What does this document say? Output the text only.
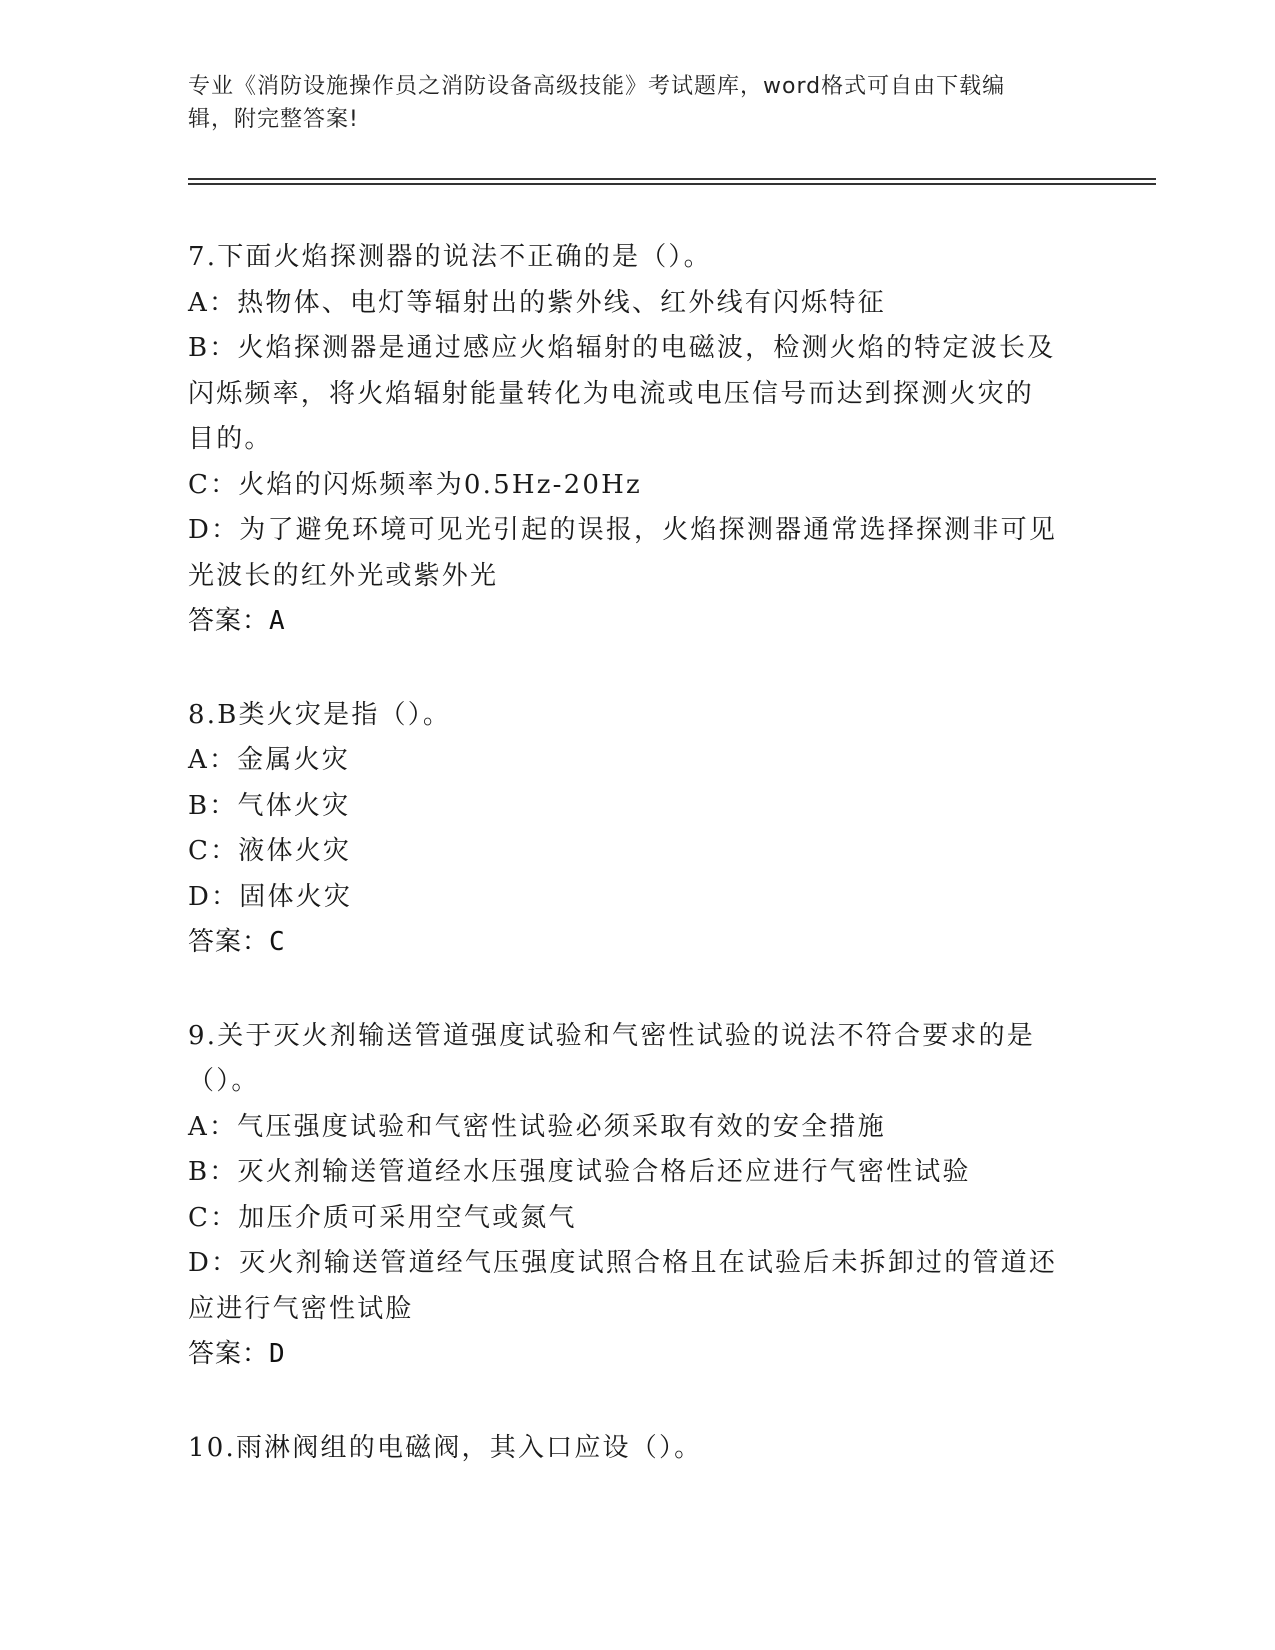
专业《消防设施操作员之消防设备高级技能》考试题库，word格式可自由下载编
辑，附完整答案!
7.下面火焰探测器的说法不正确的是（）。
A：热物体、电灯等辐射出的紫外线、红外线有闪烁特征
B：火焰探测器是通过感应火焰辐射的电磁波，检测火焰的特定波长及
闪烁频率，将火焰辐射能量转化为电流或电压信号而达到探测火灾的
目的。
C：火焰的闪烁频率为0.5Hz-20Hz
D：为了避免环境可见光引起的误报，火焰探测器通常选择探测非可见
光波长的红外光或紫外光
答案：A
8.B类火灾是指（）。
A：金属火灾
B：气体火灾
C：液体火灾
D：固体火灾
答案：C
9.关于灭火剂输送管道强度试验和气密性试验的说法不符合要求的是
（）。
A：气压强度试验和气密性试验必须采取有效的安全措施
B：灭火剂输送管道经水压强度试验合格后还应进行气密性试验
C：加压介质可采用空气或氮气
D：灭火剂输送管道经气压强度试照合格且在试验后未拆卸过的管道还
应进行气密性试脸
答案：D
10.雨淋阀组的电磁阀，其入口应设（）。
